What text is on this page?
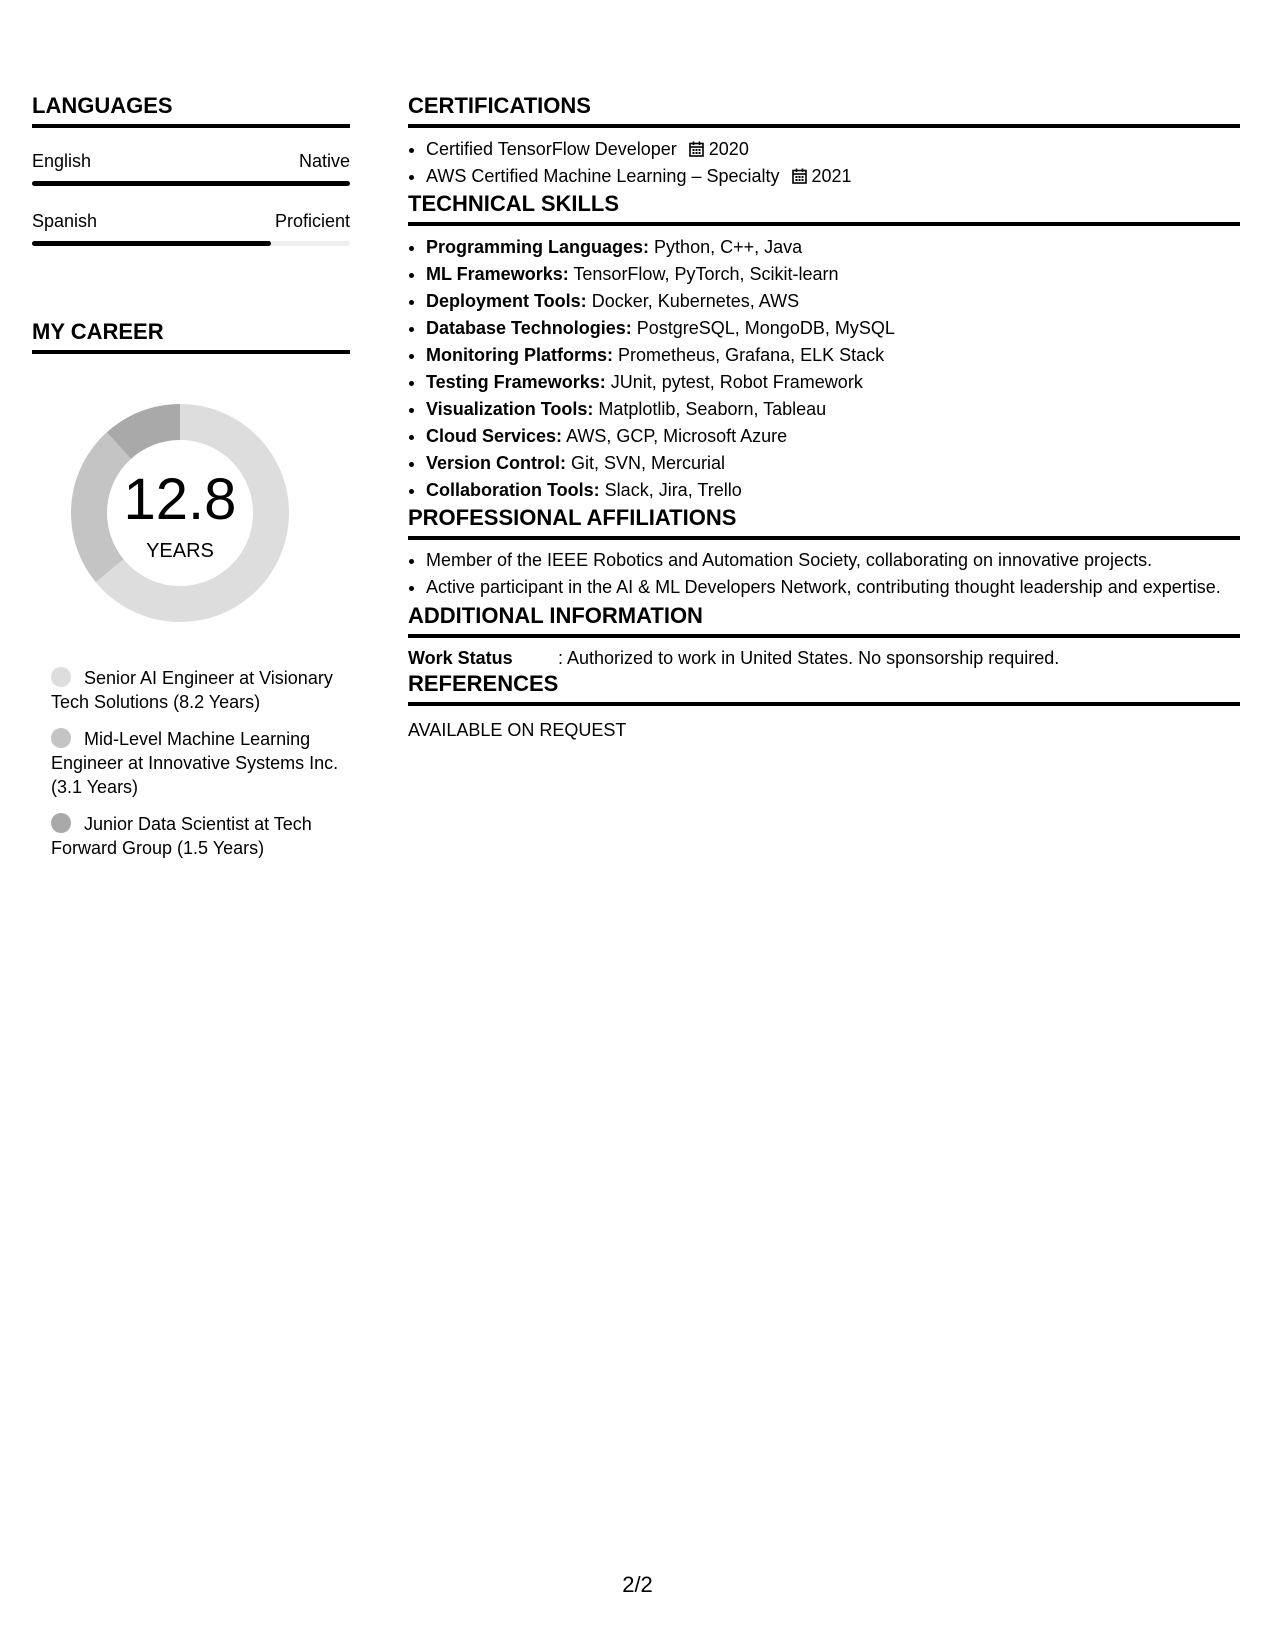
LANGUAGES
English	Native
Spanish	Proficient
MY CAREER
12.8
YEARS
Senior AI Engineer at Visionary Tech Solutions (8.2 Years)
Mid-Level Machine Learning Engineer at Innovative Systems Inc. (3.1 Years)
Junior Data Scientist at Tech Forward Group (1.5 Years)
CERTIFICATIONS
• Certified TensorFlow Developer 2020
• AWS Certified Machine Learning – Specialty 2021
TECHNICAL SKILLS
• Programming Languages: Python, C++, Java
• ML Frameworks: TensorFlow, PyTorch, Scikit-learn
• Deployment Tools: Docker, Kubernetes, AWS
• Database Technologies: PostgreSQL, MongoDB, MySQL
• Monitoring Platforms: Prometheus, Grafana, ELK Stack
• Testing Frameworks: JUnit, pytest, Robot Framework
• Visualization Tools: Matplotlib, Seaborn, Tableau
• Cloud Services: AWS, GCP, Microsoft Azure
• Version Control: Git, SVN, Mercurial
• Collaboration Tools: Slack, Jira, Trello
PROFESSIONAL AFFILIATIONS
• Member of the IEEE Robotics and Automation Society, collaborating on innovative projects.
• Active participant in the AI & ML Developers Network, contributing thought leadership and expertise.
ADDITIONAL INFORMATION
Work Status	: Authorized to work in United States. No sponsorship required.
REFERENCES
AVAILABLE ON REQUEST
2/2
